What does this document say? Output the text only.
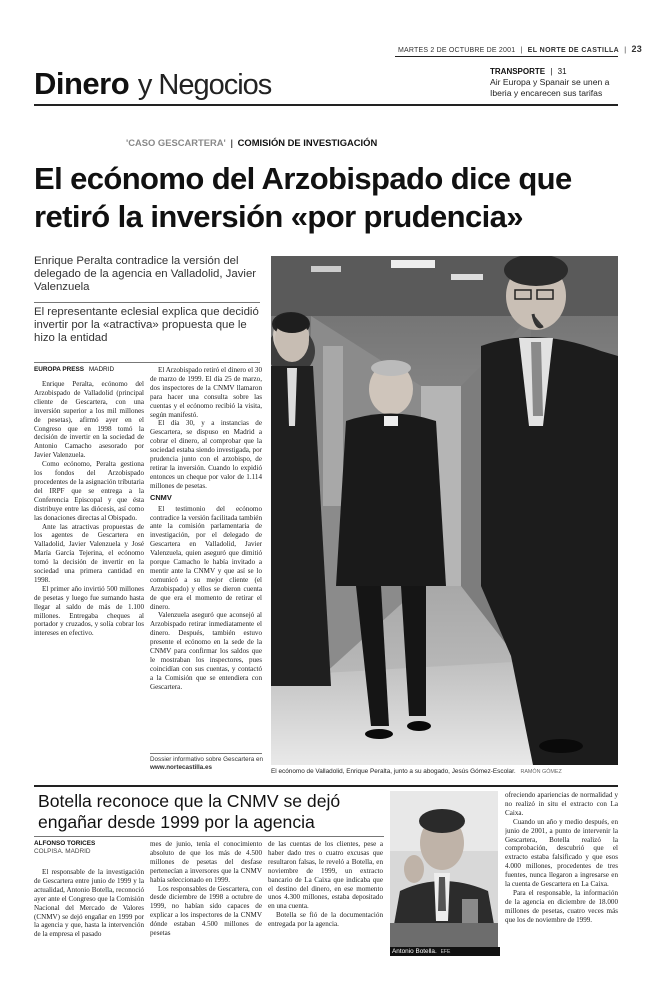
MARTES 2 DE OCTUBRE DE 2001 | EL NORTE DE CASTILLA | 23
Dinero y Negocios	TRANSPORTE | 31
Air Europa y Spanair se unen a Iberia y encarecen sus tarifas
'CASO GESCARTERA' | COMISIÓN DE INVESTIGACIÓN
El ecónomo del Arzobispado dice que retiró la inversión «por prudencia»
Enrique Peralta contradice la versión del delegado de la agencia en Valladolid, Javier Valenzuela
El representante eclesial explica que decidió invertir por la «atractiva» propuesta que le hizo la entidad
EUROPA PRESS MADRID

Enrique Peralta, ecónomo del Arzobispado de Valladolid (principal cliente de Gescartera, con una inversión superior a los mil millones de pesetas), afirmó ayer en el Congreso que en 1998 tomó la decisión de invertir en la sociedad de Antonio Camacho asesorado por Javier Valenzuela.

Como ecónomo, Peralta gestiona los fondos del Arzobispado procedentes de la asignación tributaria del IRPF que se entrega a la Conferencia Episcopal y que ésta distribuye entre las diócesis, así como las donaciones directas al Obispado.

Ante las atractivas propuestas de los agentes de Gescartera en Valladolid, Javier Valenzuela y José María García Tejerina, el ecónomo tomó la decisión de invertir en la sociedad una primera cantidad en 1998.

El primer año invirtió 500 millones de pesetas y luego fue sumando hasta llegar al saldo de más de 1.100 millones. Entregaba cheques al portador y cruzados, y solía cobrar los intereses en efectivo.

El Arzobispado retiró el dinero el 30 de marzo de 1999. El día 25 de marzo, dos inspectores de la CNMV llamaron para hacer una consulta sobre las cuentas y el ecónomo recibió la visita, según manifestó.

El día 30, y a instancias de Gescartera, se dispuso en Madrid a cobrar el dinero, al comprobar que la sociedad estaba siendo investigada, por prudencia junto con el arzobispo, de retirar la inversión. Cuando lo expidió entonces un cheque por valor de 1.114 millones de pesetas.

CNMV

El testimonio del ecónomo contradice la versión facilitada también ante la comisión parlamentaria de investigación, por el delegado de Gescartera en Valladolid, Javier Valenzuela, quien aseguró que dimitió porque Camacho le había invitado a mentir ante la CNMV y que así se lo comunicó a su mejor cliente (el Arzobispado) y ellos se dieron cuenta de que era el momento de retirar el dinero.

Valenzuela aseguró que aconsejó al Arzobispado retirar inmediatamente el dinero. Después, también estuvo presente el ecónomo en la sede de la CNMV para confirmar los saldos que le mostraban los inspectores, pues coincidían con sus cuentas, y contactó a la Comisión que se entendiera con Gescartera.

Dossier informativo sobre Gescartera en
www.nortecastilla.es
El ecónomo de Valladolid, Enrique Peralta, junto a su abogado, Jesús Gómez-Escolar. RAMÓN GÓMEZ
Botella reconoce que la CNMV se dejó engañar desde 1999 por la agencia
ALFONSO TORICES
COLPISA. MADRID

El responsable de la investigación de Gescartera entre junio de 1999 y la actualidad, Antonio Botella, reconoció ayer ante el Congreso que la Comisión Nacional del Mercado de Valores (CNMV) se dejó engañar en 1999 por la agencia y que, hasta la intervención de la empresa el pasado

mes de junio, tenía el conocimiento absoluto de que los más de 4.500 millones de pesetas del desfase pertenecían a inversores que la CNMV había seleccionado en 1999.

Los responsables de Gescartera, con desde diciembre de 1998 a octubre de 1999, no habían sido capaces de explicar a los inspectores de la CNMV dónde estaban 4.500 millones de pesetas

de las cuentas de los clientes, pese a haber dado tres o cuatro excusas que resultaron falsas, le reveló a Botella, en noviembre de 1999, un extracto bancario de La Caixa que indicaba que el destino del dinero, en ese momento unos 4.300 millones, estaba depositado en una cuenta.

Botella se fió de la documentación entregada por la agencia.

Antonio Botella. EFE

ofreciendo apariencias de normalidad y no realizó in situ el extracto con La Caixa.

Cuando un año y medio después, en junio de 2001, a punto de intervenir la Gescartera, Botella realizó la comprobación, descubrió que el extracto estaba falsificado y que esos 4.000 millones, procedentes de tres fuentes, nunca llegaron a ingresarse en la cuenta de Gescartera en La Caixa.

Para el responsable, la información de la agencia en diciembre de 18.000 millones de pesetas, cuatro veces más que los de noviembre de 1999.
